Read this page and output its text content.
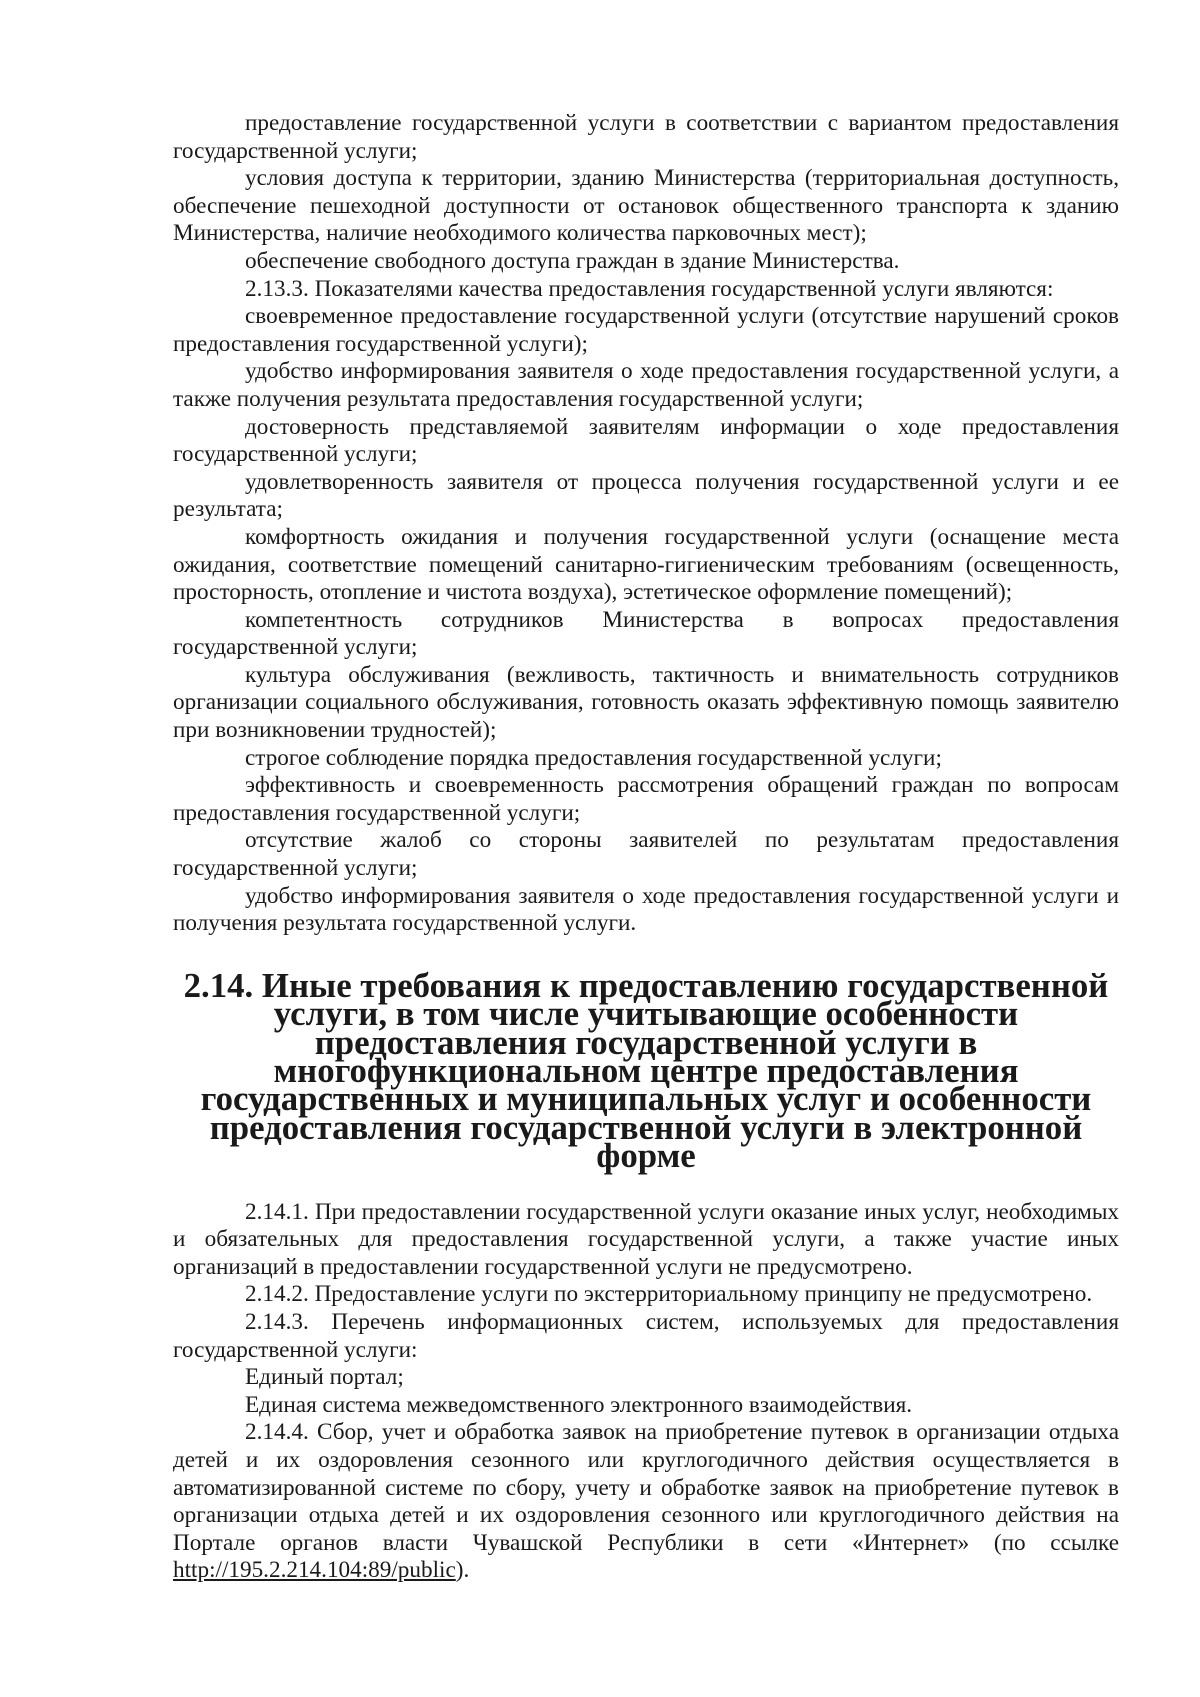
предоставление государственной услуги в соответствии с вариантом предоставления государственной услуги;

условия доступа к территории, зданию Министерства (территориальная доступность, обеспечение пешеходной доступности от остановок общественного транспорта к зданию Министерства, наличие необходимого количества парковочных мест);

обеспечение свободного доступа граждан в здание Министерства.

2.13.3. Показателями качества предоставления государственной услуги являются:

своевременное предоставление государственной услуги (отсутствие нарушений сроков предоставления государственной услуги);

удобство информирования заявителя о ходе предоставления государственной услуги, а также получения результата предоставления государственной услуги;

достоверность представляемой заявителям информации о ходе предоставления государственной услуги;

удовлетворенность заявителя от процесса получения государственной услуги и ее результата;

комфортность ожидания и получения государственной услуги (оснащение места ожидания, соответствие помещений санитарно-гигиеническим требованиям (освещенность, просторность, отопление и чистота воздуха), эстетическое оформление помещений);

компетентность сотрудников Министерства в вопросах предоставления государственной услуги;

культура обслуживания (вежливость, тактичность и внимательность сотрудников организации социального обслуживания, готовность оказать эффективную помощь заявителю при возникновении трудностей);

строгое соблюдение порядка предоставления государственной услуги;

эффективность и своевременность рассмотрения обращений граждан по вопросам предоставления государственной услуги;

отсутствие жалоб со стороны заявителей по результатам предоставления государственной услуги;

удобство информирования заявителя о ходе предоставления государственной услуги и получения результата государственной услуги.

2.14. Иные требования к предоставлению государственной услуги, в том числе учитывающие особенности предоставления государственной услуги в многофункциональном центре предоставления государственных и муниципальных услуг и особенности предоставления государственной услуги в электронной форме

2.14.1. При предоставлении государственной услуги оказание иных услуг, необходимых и обязательных для предоставления государственной услуги, а также участие иных организаций в предоставлении государственной услуги не предусмотрено.

2.14.2. Предоставление услуги по экстерриториальному принципу не предусмотрено.

2.14.3. Перечень информационных систем, используемых для предоставления государственной услуги:

Единый портал;

Единая система межведомственного электронного взаимодействия.

2.14.4. Сбор, учет и обработка заявок на приобретение путевок в организации отдыха детей и их оздоровления сезонного или круглогодичного действия осуществляется в автоматизированной системе по сбору, учету и обработке заявок на приобретение путевок в организации отдыха детей и их оздоровления сезонного или круглогодичного действия на Портале органов власти Чувашской Республики в сети «Интернет» (по ссылке http://195.2.214.104:89/public).
